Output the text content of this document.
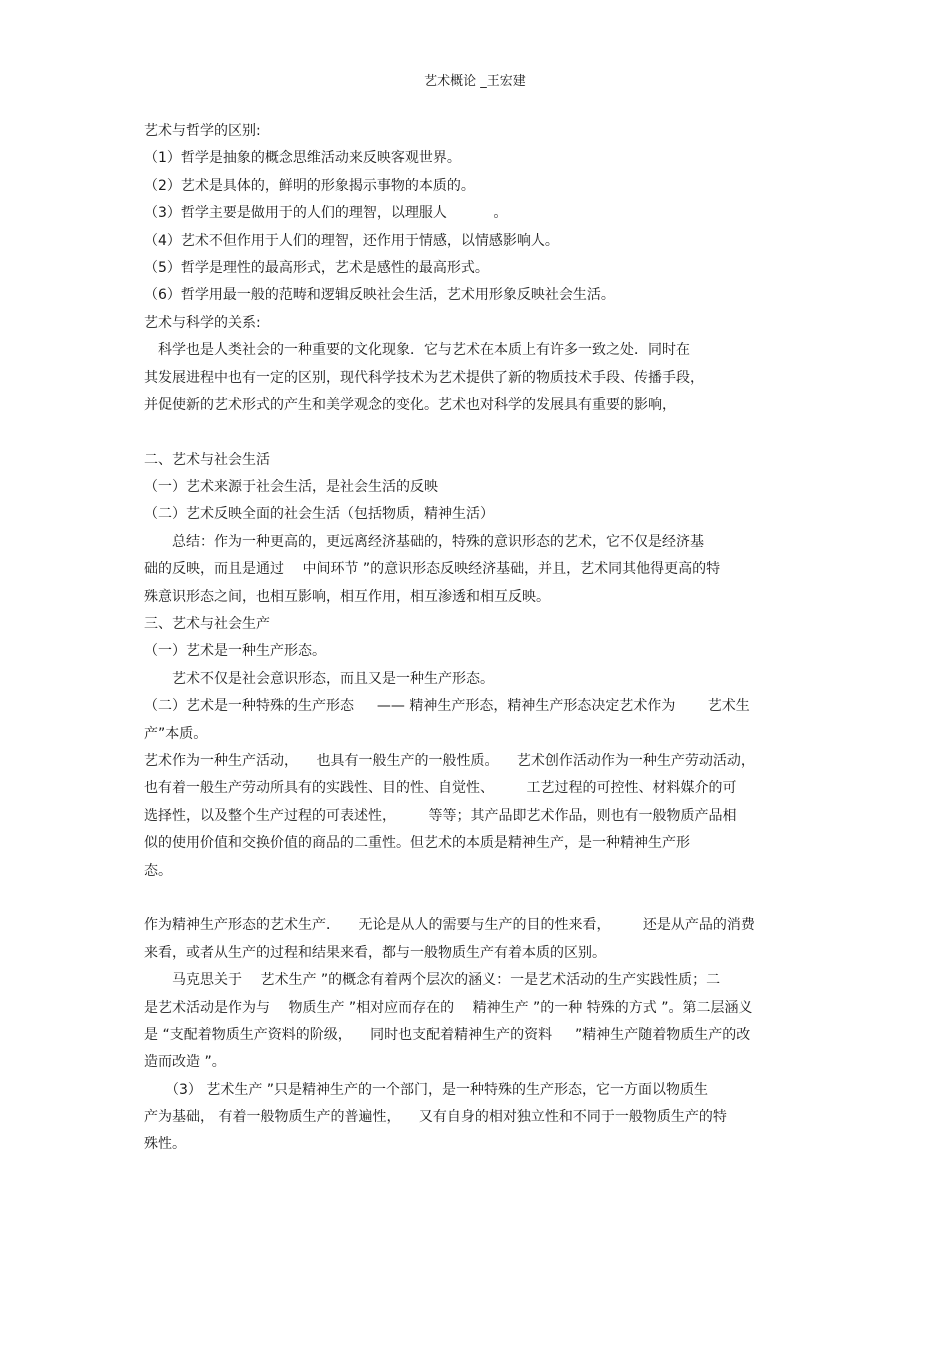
艺术概论 _王宏建
艺术与哲学的区别:
（1）哲学是抽象的概念思维活动来反映客观世界。
（2）艺术是具体的，鲜明的形象揭示事物的本质的。
（3）哲学主要是做用于的人们的理智，以理服人 　　　。
（4）艺术不但作用于人们的理智，还作用于情感，以情感影响人。
（5）哲学是理性的最高形式，艺术是感性的最高形式。
（6）哲学用最一般的范畴和逻辑反映社会生活，艺术用形象反映社会生活。
艺术与科学的关系:
　科学也是人类社会的一种重要的文化现象．它与艺术在本质上有许多一致之处．同时在
其发展进程中也有一定的区别，现代科学技术为艺术提供了新的物质技术手段、传播手段，
并促使新的艺术形式的产生和美学观念的变化。艺术也对科学的发展具有重要的影响，
二、艺术与社会生活
（一）艺术来源于社会生活，是社会生活的反映
（二）艺术反映全面的社会生活（包括物质，精神生活）
　　总结：作为一种更高的，更远离经济基础的，特殊的意识形态的艺术，它不仅是经济基
础的反映，而且是通过 　中间环节 ”的意识形态反映经济基础，并且，艺术同其他得更高的特
殊意识形态之间，也相互影响，相互作用，相互渗透和相互反映。
三、艺术与社会生产
（一）艺术是一种生产形态。
　　艺术不仅是社会意识形态，而且又是一种生产形态。
（二）艺术是一种特殊的生产形态 　 —— 精神生产形态，精神生产形态决定艺术作为 　　艺术生
产”本质。
艺术作为一种生产活动， 　也具有一般生产的一般性质。 　艺术创作活动作为一种生产劳动活动，
也有着一般生产劳动所具有的实践性、目的性、自觉性、 　　工艺过程的可控性、材料媒介的可
选择性，以及整个生产过程的可表述性， 　　等等；其产品即艺术作品，则也有一般物质产品相
似的使用价值和交换价值的商品的二重性。但艺术的本质是精神生产，是一种精神生产形
态。
作为精神生产形态的艺术生产． 　无论是从人的需要与生产的目的性来看， 　　还是从产品的消费
来看，或者从生产的过程和结果来看，都与一般物质生产有着本质的区别。
　　马克思关于 　艺术生产 ”的概念有着两个层次的涵义：一是艺术活动的生产实践性质；二
是艺术活动是作为与 　物质生产 ”相对应而存在的 　精神生产 ”的一种 特殊的方式 ”。第二层涵义
是 “支配着物质生产资料的阶级， 　同时也支配着精神生产的资料 　 ”精神生产随着物质生产的改
造而改造 ”。
　　（3） 艺术生产 ”只是精神生产的一个部门，是一种特殊的生产形态，它一方面以物质生
产为基础， 有着一般物质生产的普遍性， 　又有自身的相对独立性和不同于一般物质生产的特
殊性。
